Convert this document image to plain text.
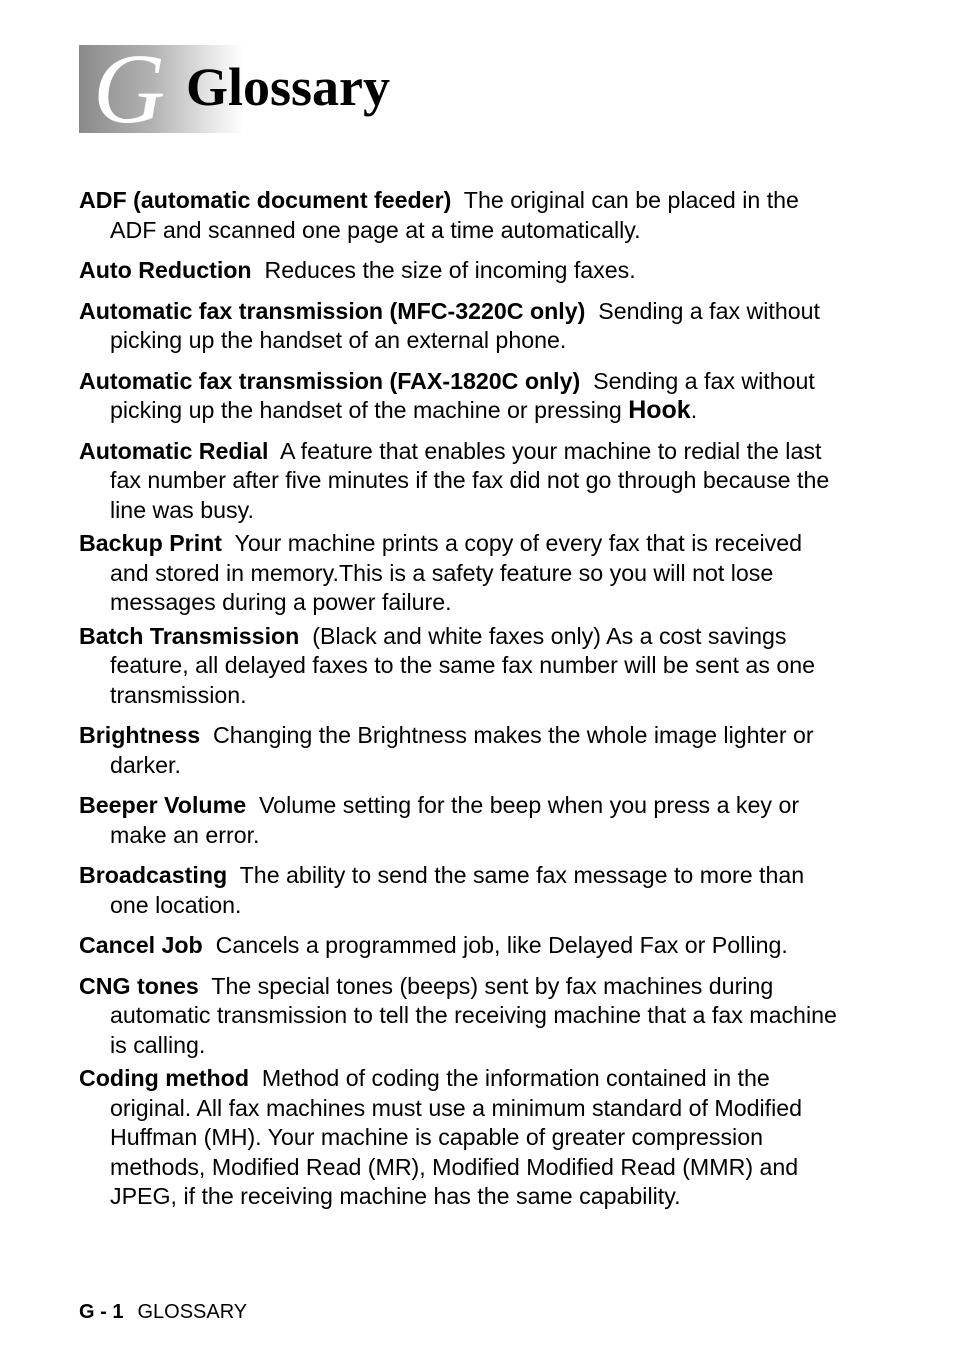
G Glossary

ADF (automatic document feeder) The original can be placed in the ADF and scanned one page at a time automatically.

Auto Reduction Reduces the size of incoming faxes.

Automatic fax transmission (MFC-3220C only) Sending a fax without picking up the handset of an external phone.

Automatic fax transmission (FAX-1820C only) Sending a fax without picking up the handset of the machine or pressing Hook.

Automatic Redial A feature that enables your machine to redial the last fax number after five minutes if the fax did not go through because the line was busy.

Backup Print Your machine prints a copy of every fax that is received and stored in memory.This is a safety feature so you will not lose messages during a power failure.

Batch Transmission (Black and white faxes only) As a cost savings feature, all delayed faxes to the same fax number will be sent as one transmission.

Brightness Changing the Brightness makes the whole image lighter or darker.

Beeper Volume Volume setting for the beep when you press a key or make an error.

Broadcasting The ability to send the same fax message to more than one location.

Cancel Job Cancels a programmed job, like Delayed Fax or Polling.

CNG tones The special tones (beeps) sent by fax machines during automatic transmission to tell the receiving machine that a fax machine is calling.

Coding method Method of coding the information contained in the original. All fax machines must use a minimum standard of Modified Huffman (MH). Your machine is capable of greater compression methods, Modified Read (MR), Modified Modified Read (MMR) and JPEG, if the receiving machine has the same capability.

G - 1 GLOSSARY
